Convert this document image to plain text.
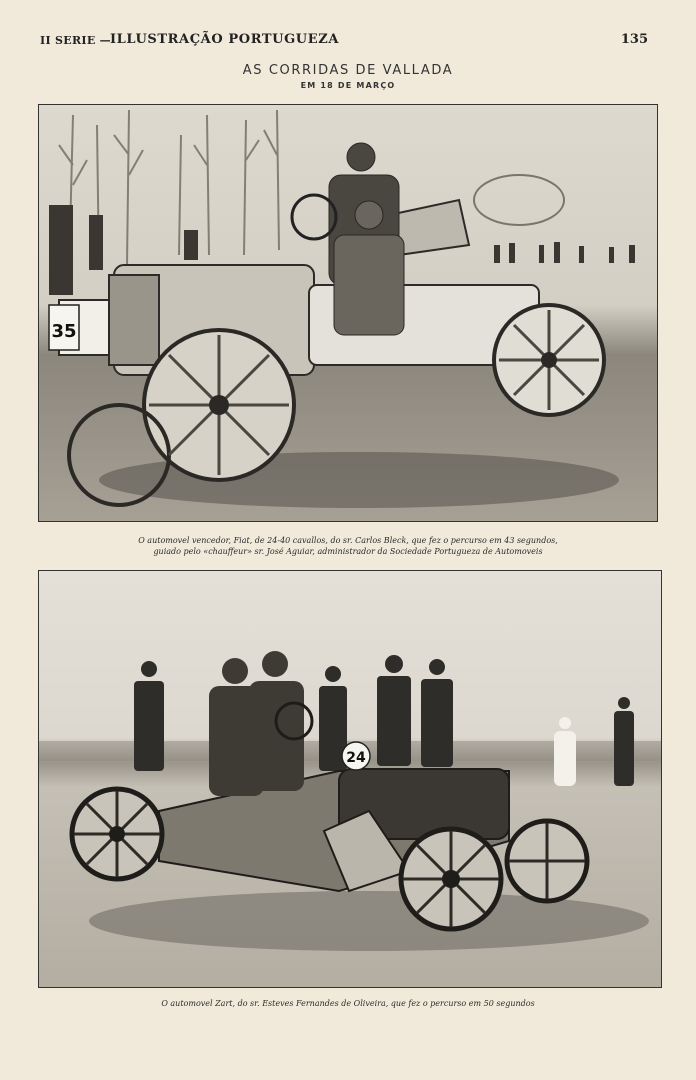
II SERIE — ILLUSTRAÇÃO PORTUGUEZA	135
AS CORRIDAS DE VALLADA
EM 18 DE MARÇO
35
O automovel vencedor, Fiat, de 24-40 cavallos, do sr. Carlos Bleck, que fez o percurso em 43 segundos,
guiado pelo «chauffeur» sr. José Aguiar, administrador da Sociedade Portugueza de Automoveis
24
O automovel Zart, do sr. Esteves Fernandes de Oliveira, que fez o percurso em 50 segundos
